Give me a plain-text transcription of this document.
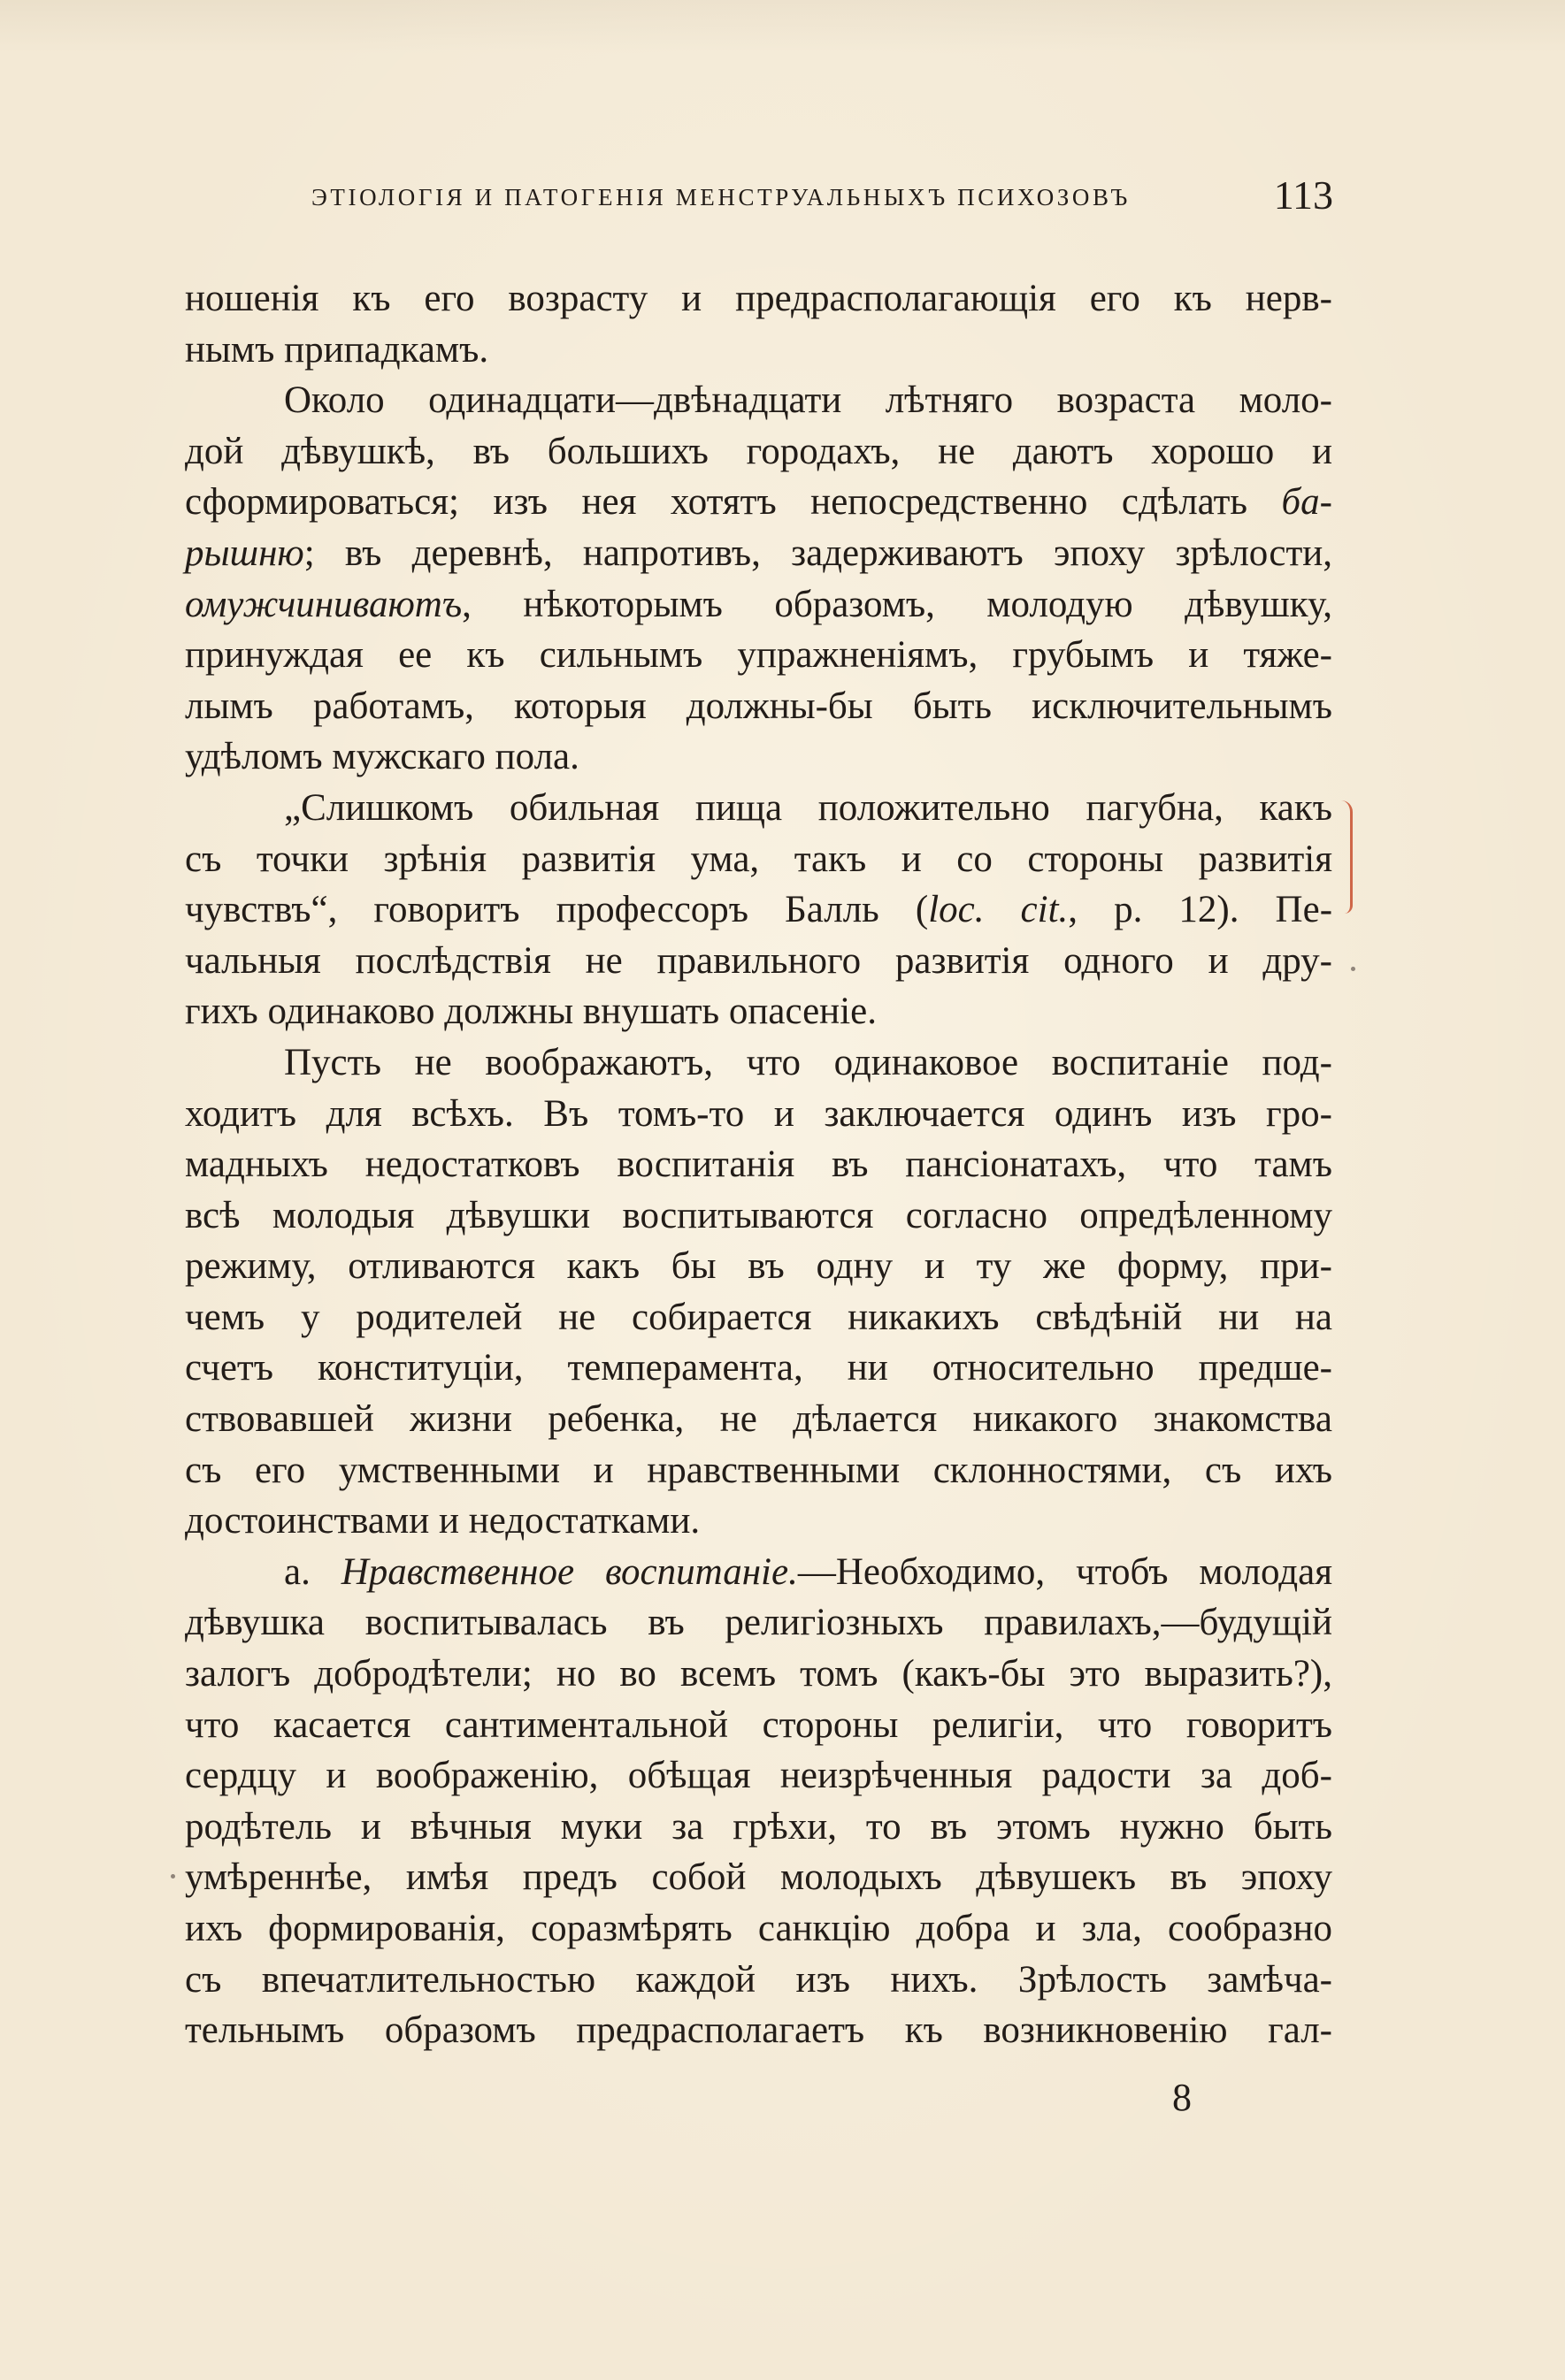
ЭТІОЛОГІЯ И ПАТОГЕНІЯ МЕНСТРУАЛЬНЫХЪ ПСИХОЗОВЪ	113
ношенія къ его возрасту и предрасполагающія его къ нерв-
нымъ припадкамъ.
Около одинадцати—двѣнадцати лѣтняго возраста моло-
дой дѣвушкѣ, въ большихъ городахъ, не даютъ хорошо и
сформироваться; изъ нея хотятъ непосредственно сдѣлать ба-
рышню; въ деревнѣ, напротивъ, задерживаютъ эпоху зрѣлости,
омужчиниваютъ, нѣкоторымъ образомъ, молодую дѣвушку,
принуждая ее къ сильнымъ упражненіямъ, грубымъ и тяже-
лымъ работамъ, которыя должны-бы быть исключительнымъ
удѣломъ мужскаго пола.
„Слишкомъ обильная пища положительно пагубна, какъ
съ точки зрѣнія развитія ума, такъ и со стороны развитія
чувствъ“, говоритъ профессоръ Балль (loc. cit., p. 12). Пе-
чальныя послѣдствія не правильного развитія одного и дру-
гихъ одинаково должны внушать опасеніе.
Пусть не воображаютъ, что одинаковое воспитаніе под-
ходитъ для всѣхъ. Въ томъ-то и заключается одинъ изъ гро-
мадныхъ недостатковъ воспитанія въ пансіонатахъ, что тамъ
всѣ молодыя дѣвушки воспитываются согласно опредѣленному
режиму, отливаются какъ бы въ одну и ту же форму, при-
чемъ у родителей не собирается никакихъ свѣдѣній ни на
счетъ конституціи, темперамента, ни относительно предше-
ствовавшей жизни ребенка, не дѣлается никакого знакомства
съ его умственными и нравственными склонностями, съ ихъ
достоинствами и недостатками.
а. Нравственное воспитаніе.—Необходимо, чтобъ молодая
дѣвушка воспитывалась въ религіозныхъ правилахъ,—будущій
залогъ добродѣтели; но во всемъ томъ (какъ-бы это выразить?),
что касается сантиментальной стороны религіи, что говоритъ
сердцу и воображенію, обѣщая неизрѣченныя радости за доб-
родѣтель и вѣчныя муки за грѣхи, то въ этомъ нужно быть
умѣреннѣе, имѣя предъ собой молодыхъ дѣвушекъ въ эпоху
ихъ формированія, соразмѣрять санкцію добра и зла, сообразно
съ впечатлительностью каждой изъ нихъ. Зрѣлость замѣча-
тельнымъ образомъ предрасполагаетъ къ возникновенію гал-
8
